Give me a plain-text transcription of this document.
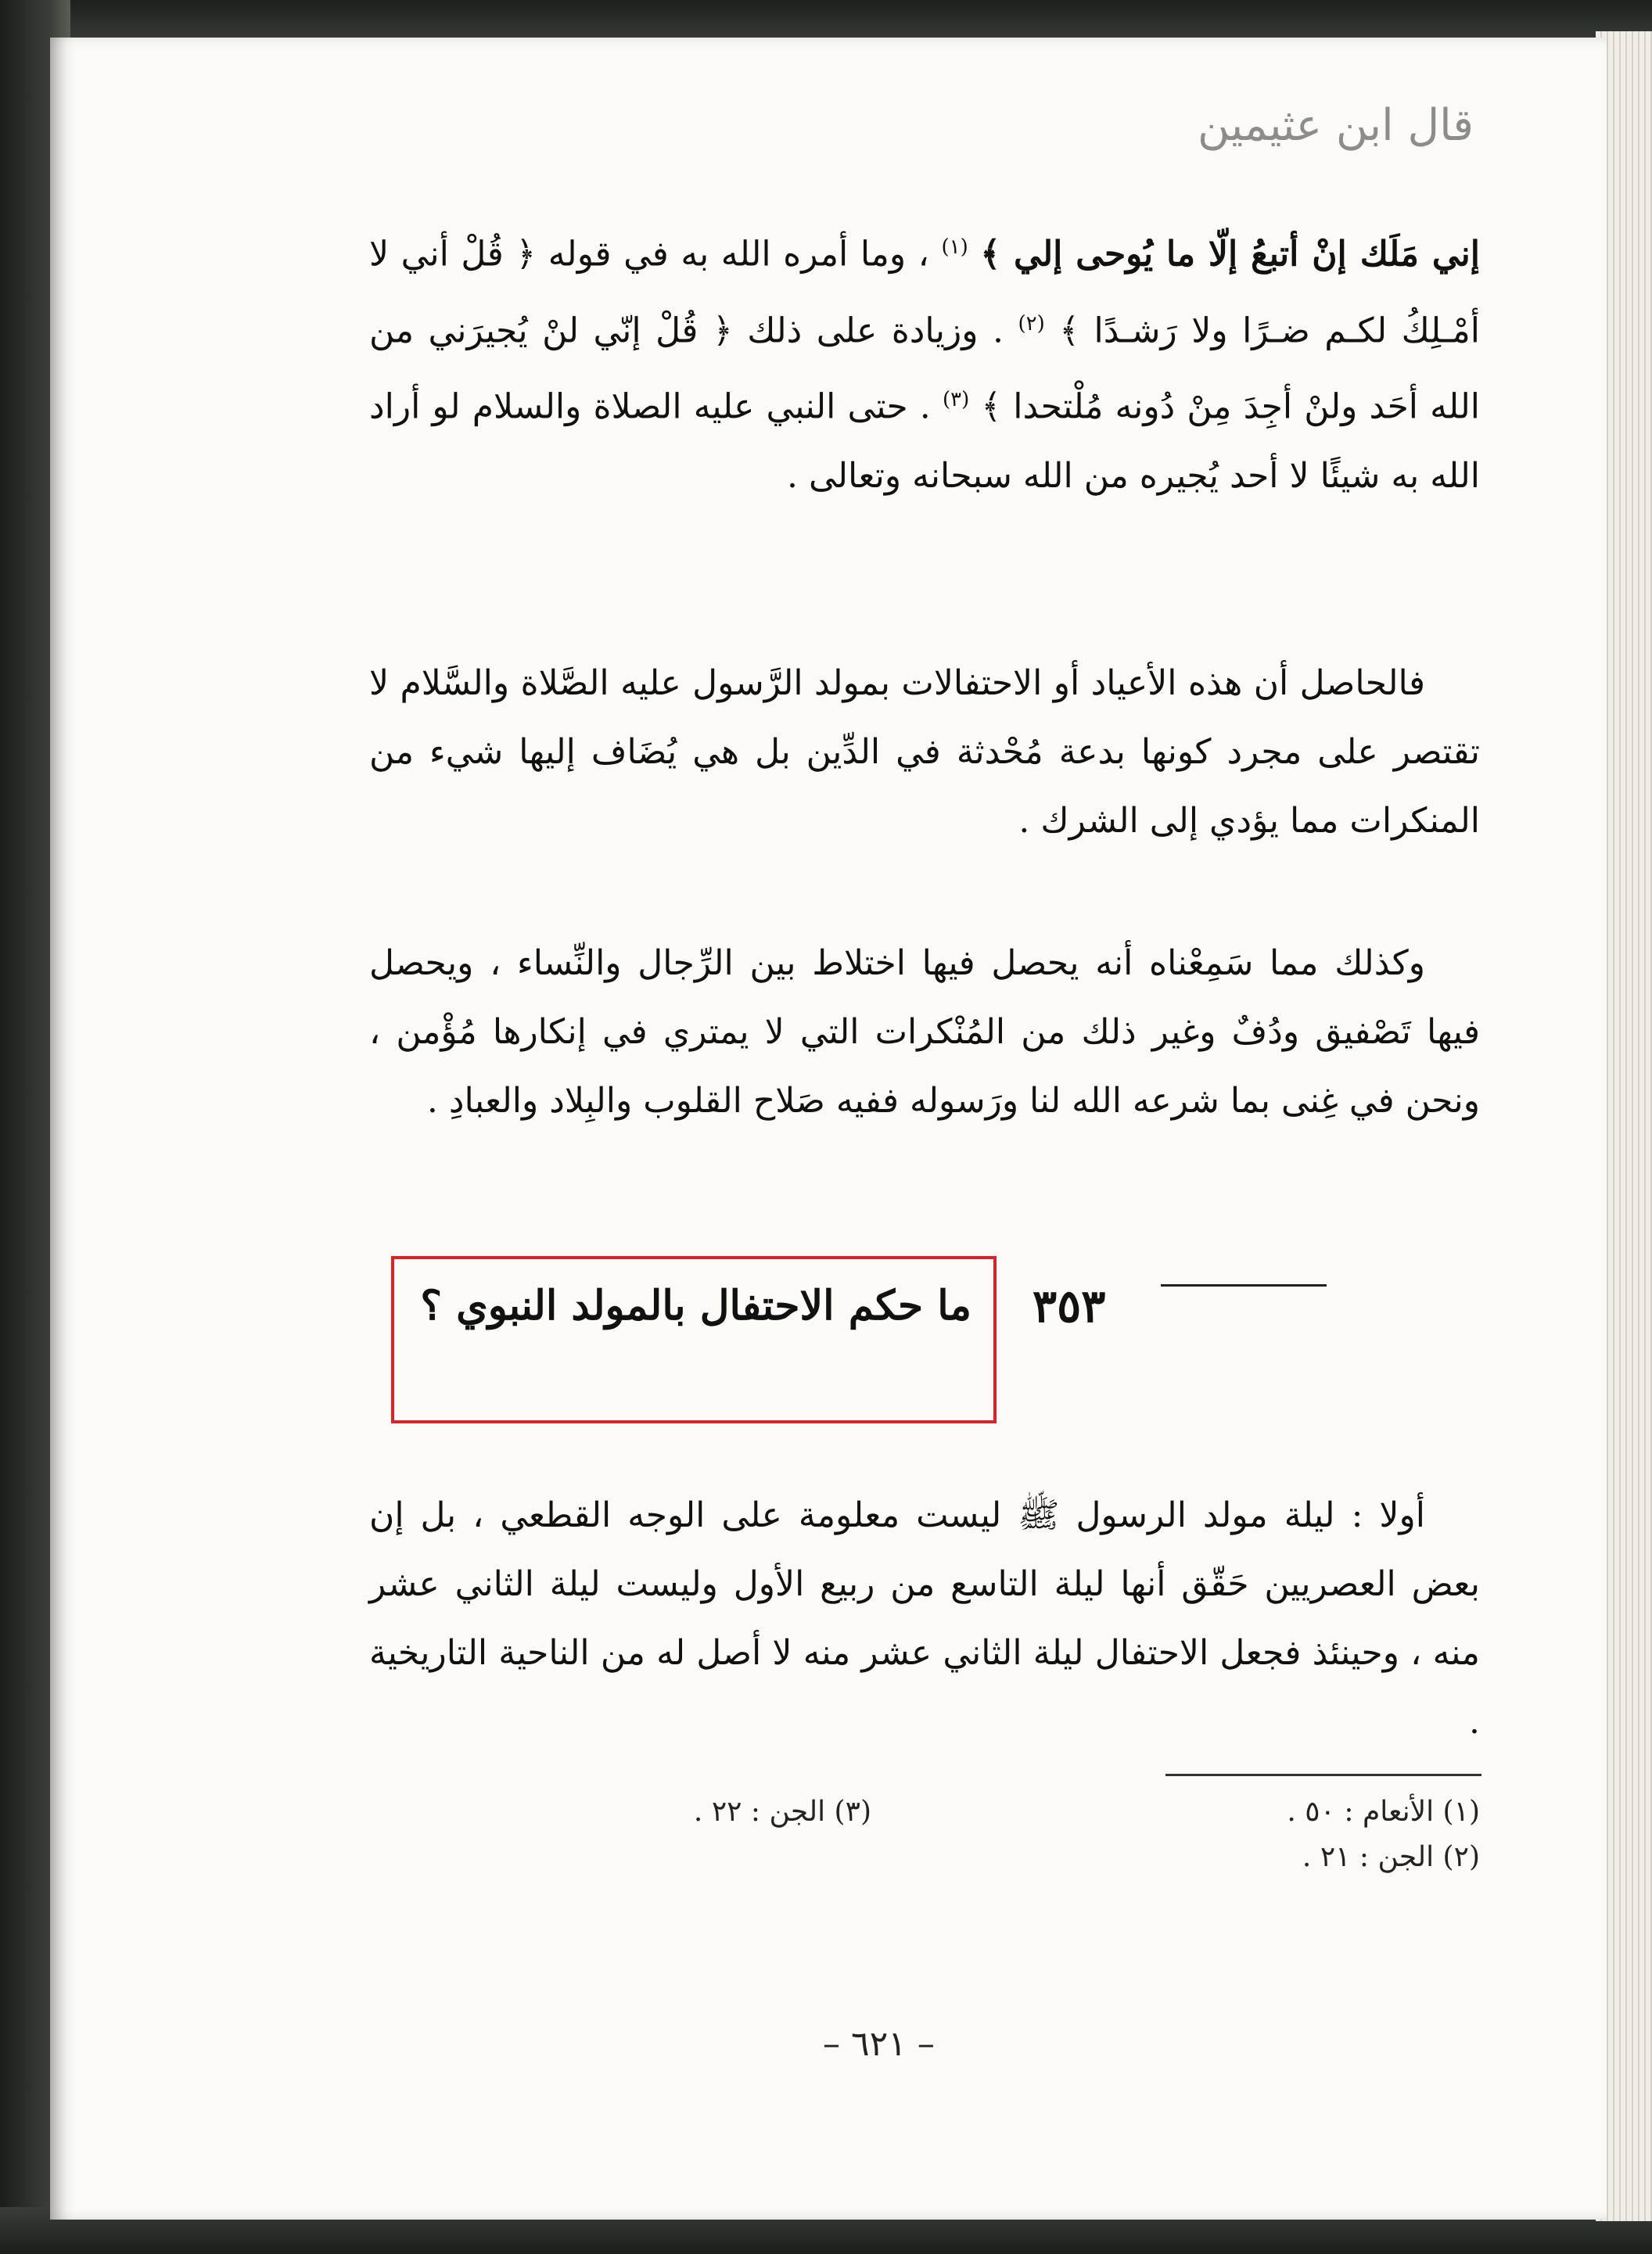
قال ابن عثيمين

إني مَلَك إنْ أتبعُ إلّا ما يُوحى إلي ﴾ $^{(١)}$ ، وما أمره الله به في قوله ﴿ قُلْ أني لا أمْـلِكُ لكـم ضـرًا ولا رَشـدًا ﴾ $^{(٢)}$ . وزيادة على ذلك ﴿ قُلْ إنّي لنْ يُجيرَني من الله أحَد ولنْ أجِدَ مِنْ دُونه مُلْتحدا ﴾ $^{(٣)}$ . حتى النبي عليه الصلاة والسلام لو أراد الله به شيئًا لا أحد يُجيره من الله سبحانه وتعالى .

فالحاصل أن هذه الأعياد أو الاحتفالات بمولد الرَّسول عليه الصَّلاة والسَّلام لا تقتصر على مجرد كونها بدعة مُحْدثة في الدِّين بل هي يُضَاف إليها شيء من المنكرات مما يؤدي إلى الشرك .

وكذلك مما سَمِعْناه أنه يحصل فيها اختلاط بين الرِّجال والنِّساء ، ويحصل فيها تَصْفيق ودُفٌ وغير ذلك من المُنْكرات التي لا يمتري في إنكارها مُؤْمن ، ونحن في غِنى بما شرعه الله لنا ورَسوله ففيه صَلاح القلوب والبِلاد والعبادِ .

٣٥٣
ما حكم الاحتفال بالمولد النبوي ؟

أولا : ليلة مولد الرسول ﷺ ليست معلومة على الوجه القطعي ، بل إن بعض العصريين حَقّق أنها ليلة التاسع من ربيع الأول وليست ليلة الثاني عشر منه ، وحينئذ فجعل الاحتفال ليلة الثاني عشر منه لا أصل له من الناحية التاريخية .

(١) الأنعام : ٥٠ .
(٢) الجن : ٢١ .
(٣) الجن : ٢٢ .
– ٦٢١ –
